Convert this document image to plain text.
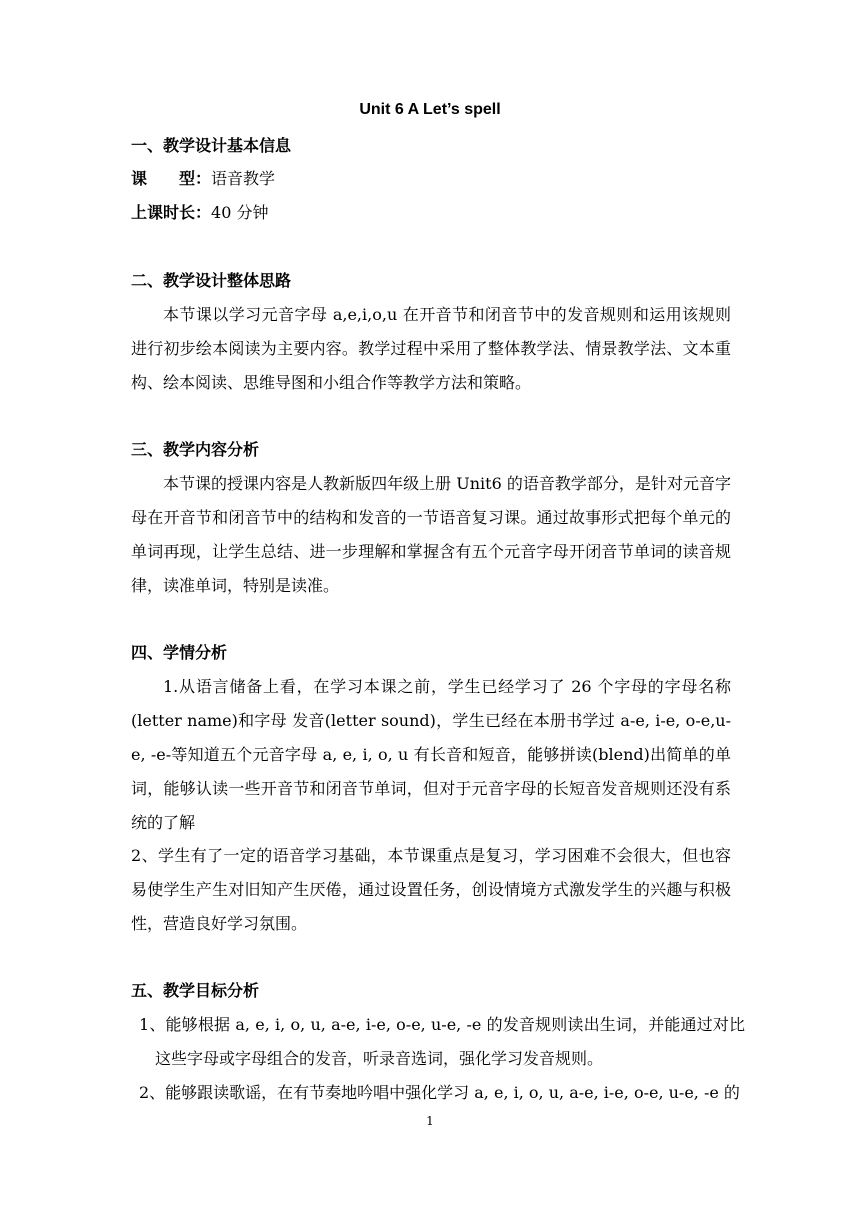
Unit 6 A Let’s spell

一、教学设计基本信息

课　　型：语音教学

上课时长：40 分钟

二、教学设计整体思路

本节课以学习元音字母 a,e,i,o,u 在开音节和闭音节中的发音规则和运用该规则进行初步绘本阅读为主要内容。教学过程中采用了整体教学法、情景教学法、文本重构、绘本阅读、思维导图和小组合作等教学方法和策略。

三、教学内容分析

本节课的授课内容是人教新版四年级上册 Unit6 的语音教学部分，是针对元音字母在开音节和闭音节中的结构和发音的一节语音复习课。通过故事形式把每个单元的单词再现，让学生总结、进一步理解和掌握含有五个元音字母开闭音节单词的读音规律，读准单词，特别是读准。

四、学情分析

1.从语言储备上看，在学习本课之前，学生已经学习了 26 个字母的字母名称(letter name)和字母 发音(letter sound)，学生已经在本册书学过 a-e, i-e, o-e,u-e, -e-等知道五个元音字母 a, e, i, o, u 有长音和短音，能够拼读(blend)出简单的单词，能够认读一些开音节和闭音节单词，但对于元音字母的长短音发音规则还没有系统的了解

2、学生有了一定的语音学习基础，本节课重点是复习，学习困难不会很大，但也容易使学生产生对旧知产生厌倦，通过设置任务，创设情境方式激发学生的兴趣与积极性，营造良好学习氛围。

五、教学目标分析

1、能够根据 a, e, i, o, u, a-e, i-e, o-e, u-e, -e 的发音规则读出生词，并能通过对比这些字母或字母组合的发音，听录音选词，强化学习发音规则。

2、能够跟读歌谣，在有节奏地吟唱中强化学习 a, e, i, o, u, a-e, i-e, o-e, u-e, -e 的

1
